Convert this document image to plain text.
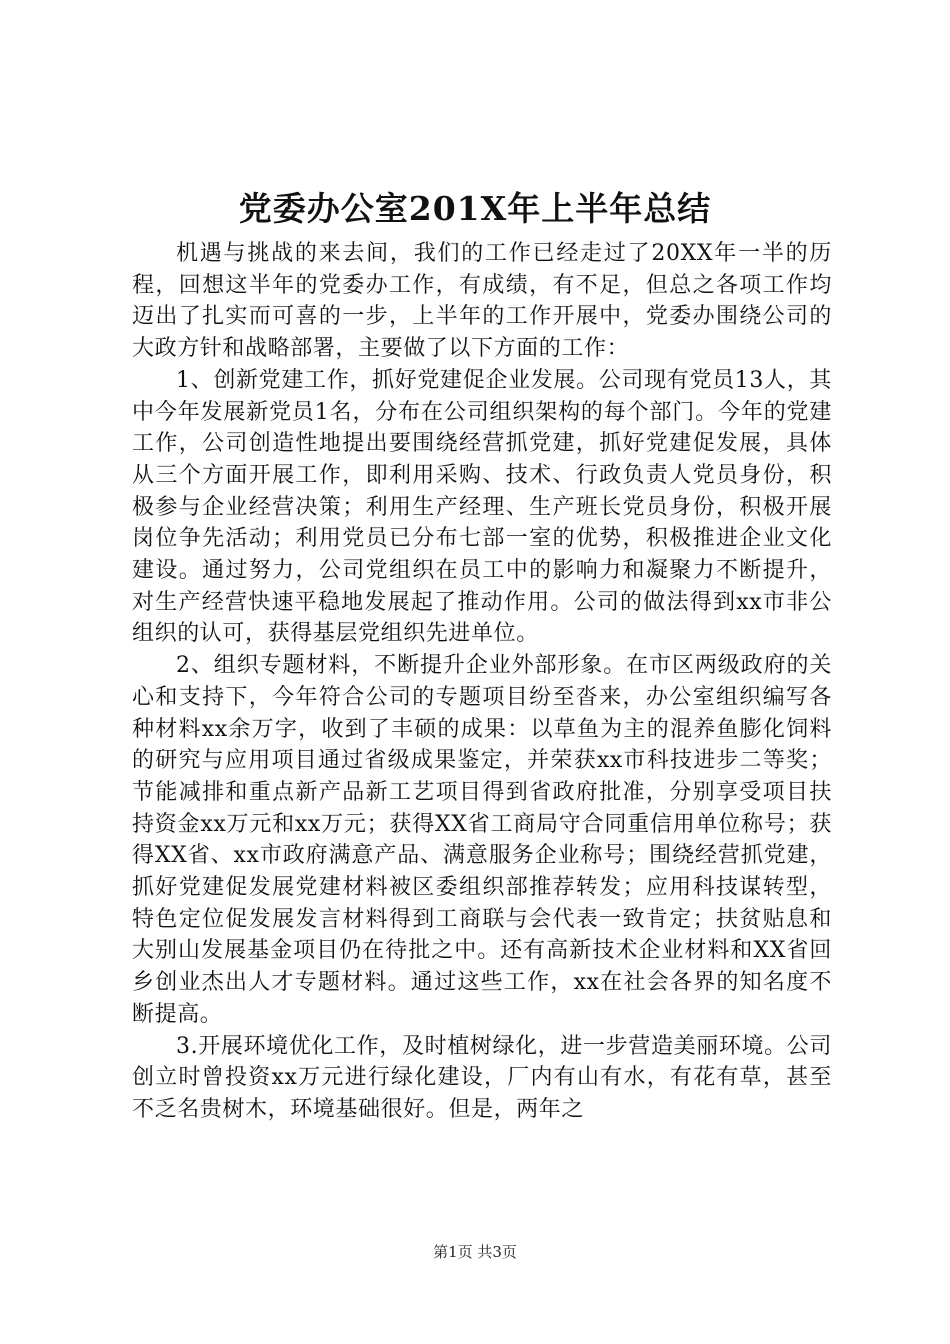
党委办公室201X年上半年总结

机遇与挑战的来去间，我们的工作已经走过了20XX年一半的历程，回想这半年的党委办工作，有成绩，有不足，但总之各项工作均迈出了扎实而可喜的一步，上半年的工作开展中，党委办围绕公司的大政方针和战略部署，主要做了以下方面的工作：

1、创新党建工作，抓好党建促企业发展。公司现有党员13人，其中今年发展新党员1名，分布在公司组织架构的每个部门。今年的党建工作，公司创造性地提出要围绕经营抓党建，抓好党建促发展，具体从三个方面开展工作，即利用采购、技术、行政负责人党员身份，积极参与企业经营决策；利用生产经理、生产班长党员身份，积极开展岗位争先活动；利用党员已分布七部一室的优势，积极推进企业文化建设。通过努力，公司党组织在员工中的影响力和凝聚力不断提升，对生产经营快速平稳地发展起了推动作用。公司的做法得到xx市非公组织的认可，获得基层党组织先进单位。

2、组织专题材料，不断提升企业外部形象。在市区两级政府的关心和支持下，今年符合公司的专题项目纷至沓来，办公室组织编写各种材料xx余万字，收到了丰硕的成果：以草鱼为主的混养鱼膨化饲料的研究与应用项目通过省级成果鉴定，并荣获xx市科技进步二等奖；节能减排和重点新产品新工艺项目得到省政府批准，分别享受项目扶持资金xx万元和xx万元；获得XX省工商局守合同重信用单位称号；获得XX省、xx市政府满意产品、满意服务企业称号；围绕经营抓党建，抓好党建促发展党建材料被区委组织部推荐转发；应用科技谋转型，特色定位促发展发言材料得到工商联与会代表一致肯定；扶贫贴息和大别山发展基金项目仍在待批之中。还有高新技术企业材料和XX省回乡创业杰出人才专题材料。通过这些工作，xx在社会各界的知名度不断提高。

3.开展环境优化工作，及时植树绿化，进一步营造美丽环境。公司创立时曾投资xx万元进行绿化建设，厂内有山有水，有花有草，甚至不乏名贵树木，环境基础很好。但是，两年之

第1页 共3页
